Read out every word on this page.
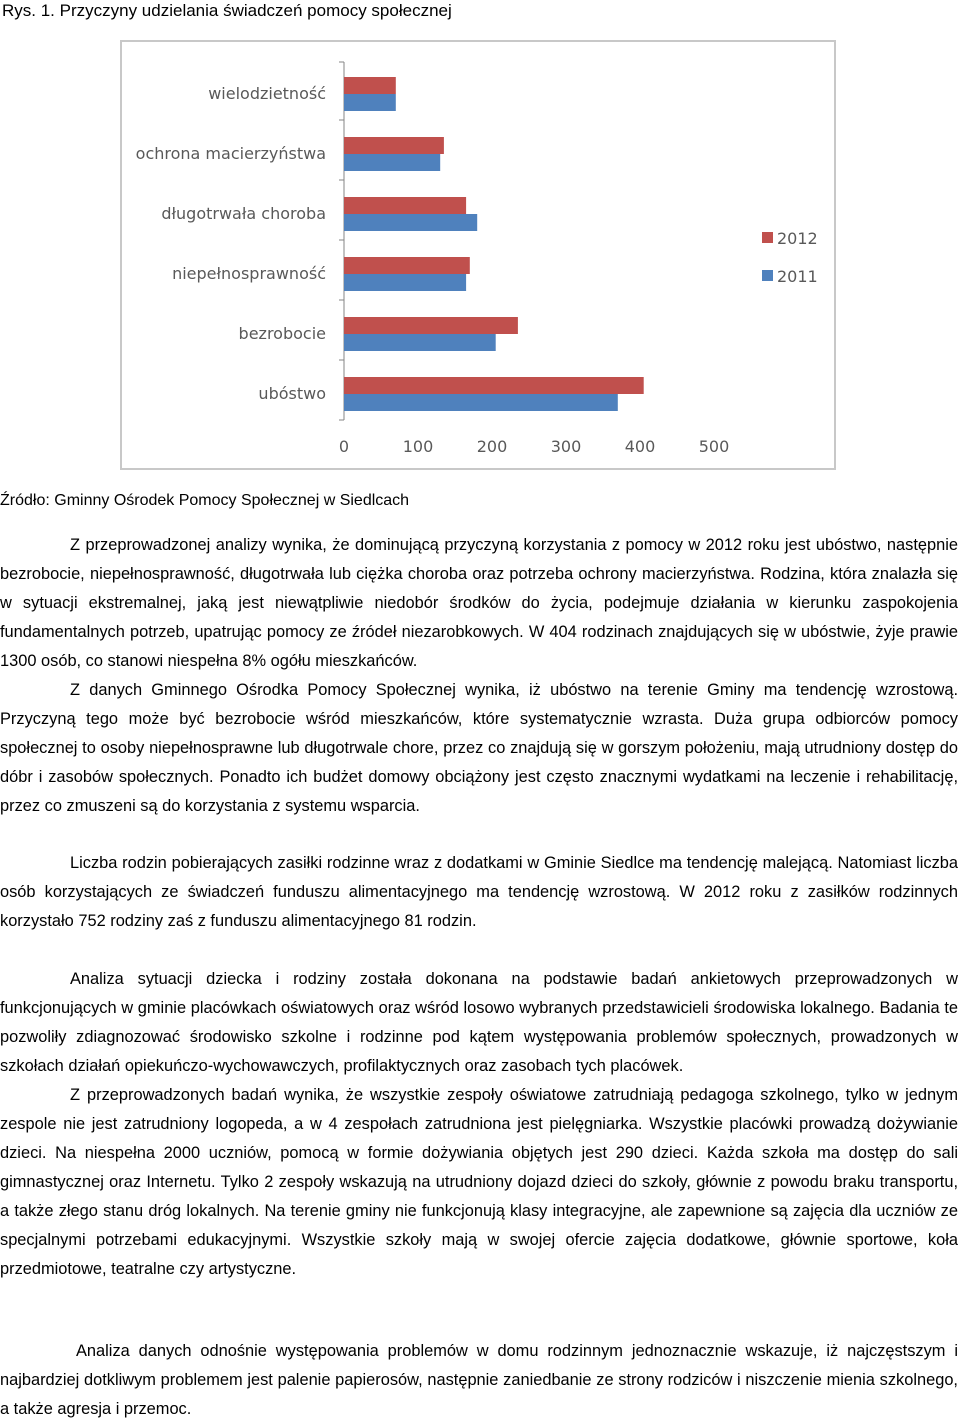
Rys. 1. Przyczyny udzielania świadczeń pomocy społecznej
wielodzietność
ochrona macierzyństwa
długotrwała choroba
niepełnosprawność
bezrobocie
ubóstwo
0	100	200	300	400	500
2012
2011
Źródło: Gminny Ośrodek Pomocy Społecznej w Siedlcach

Z przeprowadzonej analizy wynika, że dominującą przyczyną korzystania z pomocy w 2012 roku jest ubóstwo, następnie bezrobocie, niepełnosprawność, długotrwała lub ciężka choroba oraz potrzeba ochrony macierzyństwa. Rodzina, która znalazła się w sytuacji ekstremalnej, jaką jest niewątpliwie niedobór środków do życia, podejmuje działania w kierunku zaspokojenia fundamentalnych potrzeb, upatrując pomocy ze źródeł niezarobkowych. W 404 rodzinach znajdujących się w ubóstwie, żyje prawie 1300 osób, co stanowi niespełna 8% ogółu mieszkańców.

Z danych Gminnego Ośrodka Pomocy Społecznej wynika, iż ubóstwo na terenie Gminy ma tendencję wzrostową. Przyczyną tego może być bezrobocie wśród mieszkańców, które systematycznie wzrasta. Duża grupa odbiorców pomocy społecznej to osoby niepełnosprawne lub długotrwale chore, przez co znajdują się w gorszym położeniu, mają utrudniony dostęp do dóbr i zasobów społecznych. Ponadto ich budżet domowy obciążony jest często znacznymi wydatkami na leczenie i rehabilitację, przez co zmuszeni są do korzystania z systemu wsparcia.

Liczba rodzin pobierających zasiłki rodzinne wraz z dodatkami w Gminie Siedlce ma tendencję malejącą. Natomiast liczba osób korzystających ze świadczeń funduszu alimentacyjnego ma tendencję wzrostową. W 2012 roku z zasiłków rodzinnych korzystało 752 rodziny zaś z funduszu alimentacyjnego 81 rodzin.

Analiza sytuacji dziecka i rodziny została dokonana na podstawie badań ankietowych przeprowadzonych w funkcjonujących w gminie placówkach oświatowych oraz wśród losowo wybranych przedstawicieli środowiska lokalnego. Badania te pozwoliły zdiagnozować środowisko szkolne i rodzinne pod kątem występowania problemów społecznych, prowadzonych w szkołach działań opiekuńczo-wychowawczych, profilaktycznych oraz zasobach tych placówek.

Z przeprowadzonych badań wynika, że wszystkie zespoły oświatowe zatrudniają pedagoga szkolnego, tylko w jednym zespole nie jest zatrudniony logopeda, a w 4 zespołach zatrudniona jest pielęgniarka. Wszystkie placówki prowadzą dożywianie dzieci. Na niespełna 2000 uczniów, pomocą w formie dożywiania objętych jest 290 dzieci. Każda szkoła ma dostęp do sali gimnastycznej oraz Internetu. Tylko 2 zespoły wskazują na utrudniony dojazd dzieci do szkoły, głównie z powodu braku transportu, a także złego stanu dróg lokalnych. Na terenie gminy nie funkcjonują klasy integracyjne, ale zapewnione są zajęcia dla uczniów ze specjalnymi potrzebami edukacyjnymi. Wszystkie szkoły mają w swojej ofercie zajęcia dodatkowe, głównie sportowe, koła przedmiotowe, teatralne czy artystyczne.

Analiza danych odnośnie występowania problemów w domu rodzinnym jednoznacznie wskazuje, iż najczęstszym i najbardziej dotkliwym problemem jest palenie papierosów, następnie zaniedbanie ze strony rodziców i niszczenie mienia szkolnego, a także agresja i przemoc.
